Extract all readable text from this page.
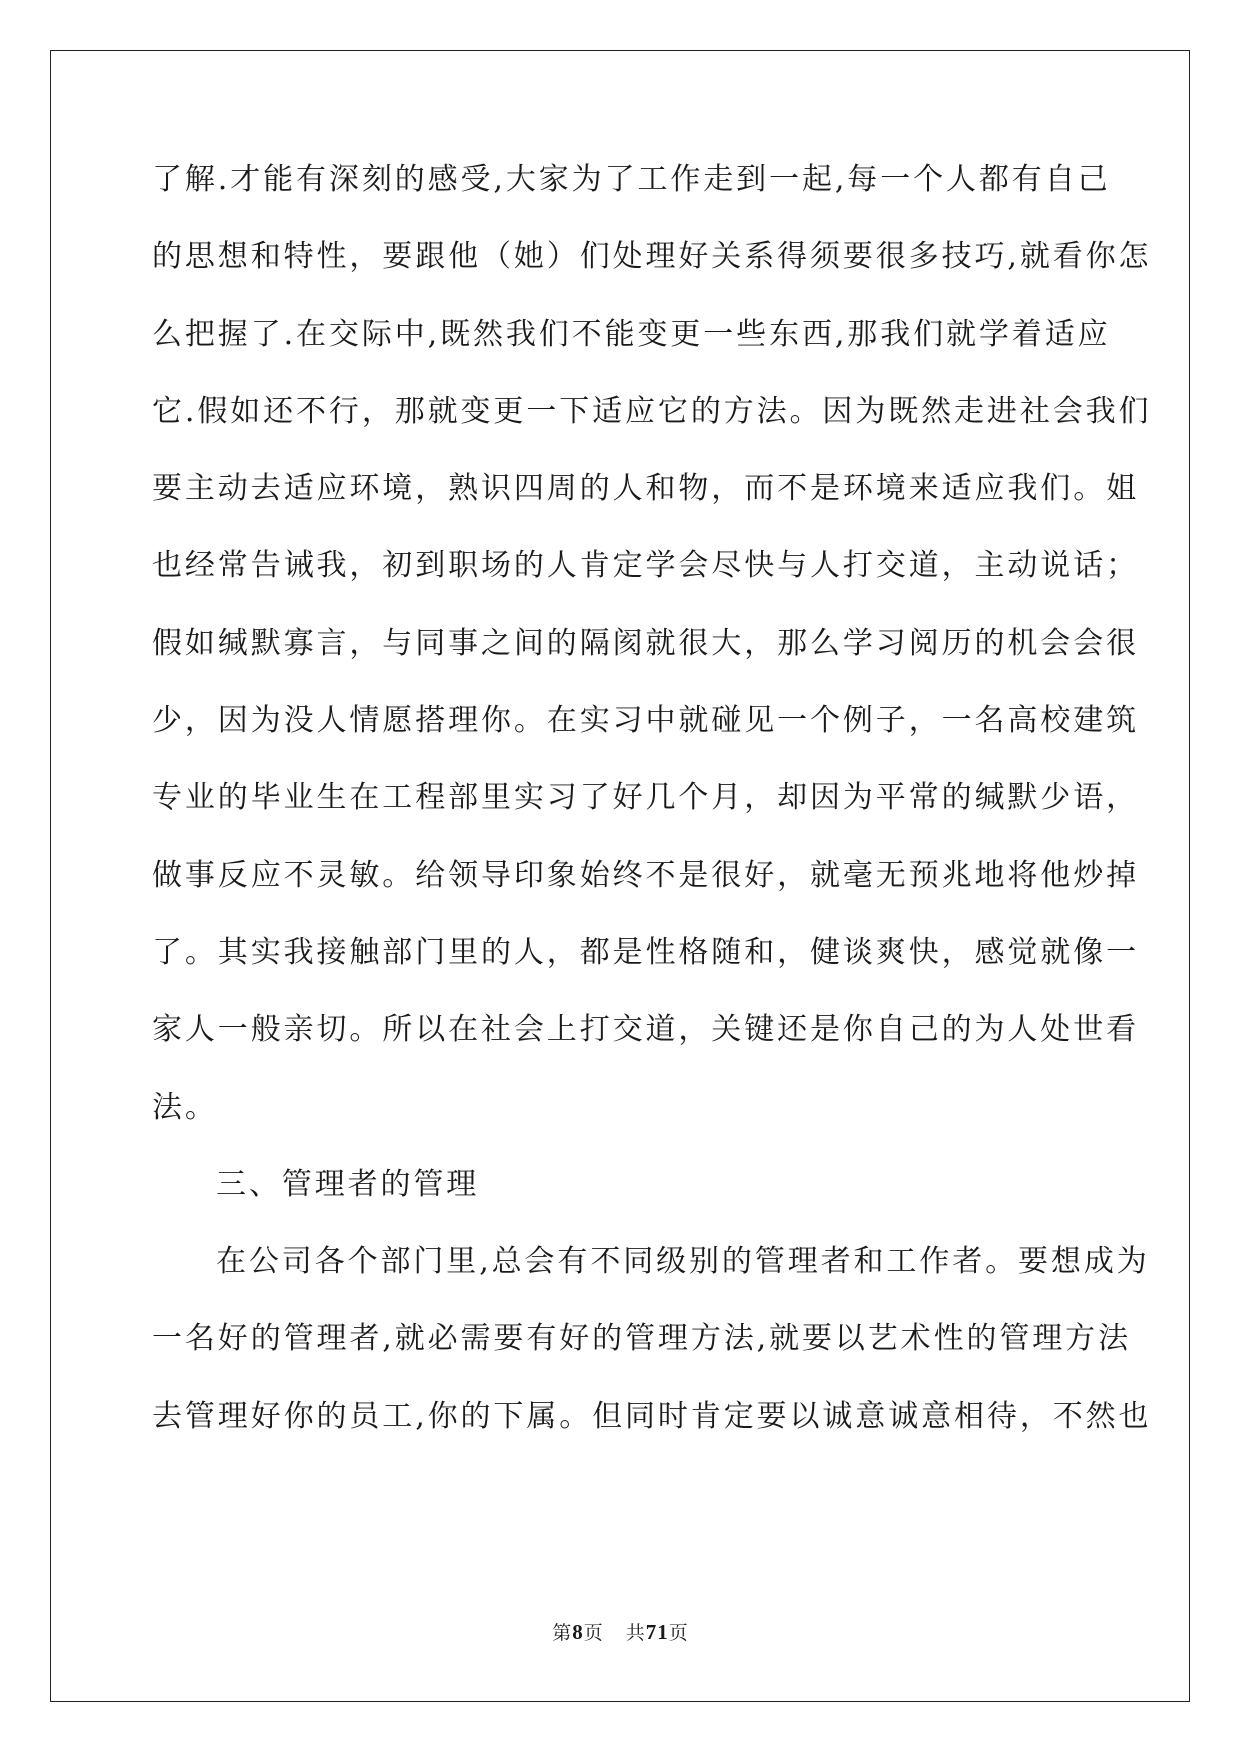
了解.才能有深刻的感受,大家为了工作走到一起,每一个人都有自己
的思想和特性，要跟他（她）们处理好关系得须要很多技巧,就看你怎
么把握了.在交际中,既然我们不能变更一些东西,那我们就学着适应
它.假如还不行，那就变更一下适应它的方法。因为既然走进社会我们
要主动去适应环境，熟识四周的人和物，而不是环境来适应我们。姐
也经常告诫我，初到职场的人肯定学会尽快与人打交道，主动说话；
假如缄默寡言，与同事之间的隔阂就很大，那么学习阅历的机会会很
少，因为没人情愿搭理你。在实习中就碰见一个例子，一名高校建筑
专业的毕业生在工程部里实习了好几个月，却因为平常的缄默少语，
做事反应不灵敏。给领导印象始终不是很好，就毫无预兆地将他炒掉
了。其实我接触部门里的人，都是性格随和，健谈爽快，感觉就像一
家人一般亲切。所以在社会上打交道，关键还是你自己的为人处世看
法。
三、管理者的管理
在公司各个部门里,总会有不同级别的管理者和工作者。要想成为
一名好的管理者,就必需要有好的管理方法,就要以艺术性的管理方法
去管理好你的员工,你的下属。但同时肯定要以诚意诚意相待，不然也
第8页 共71页
